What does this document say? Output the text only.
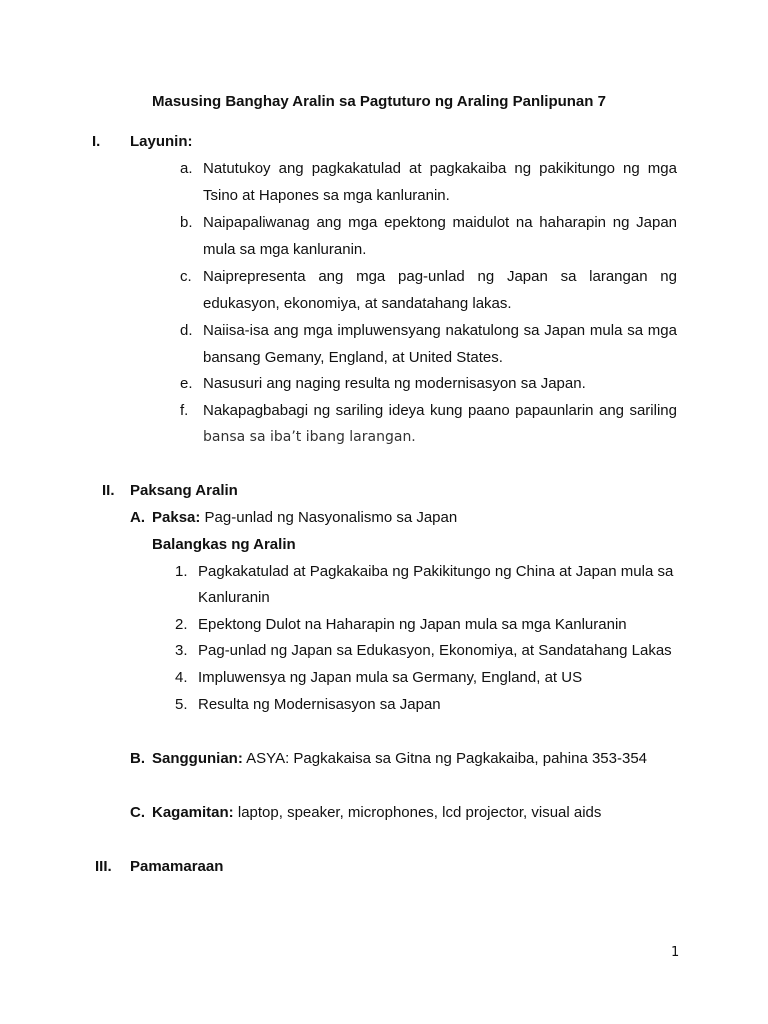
Masusing Banghay Aralin sa Pagtuturo ng Araling Panlipunan 7
I. Layunin:
a. Natutukoy ang pagkakatulad at pagkakaiba ng pakikitungo ng mga
Tsino at Hapones sa mga kanluranin.
b. Naipapaliwanag ang mga epektong maidulot na haharapin ng Japan
mula sa mga kanluranin.
c. Naiprepresenta ang mga pag-unlad ng Japan sa larangan ng
edukasyon, ekonomiya, at sandatahang lakas.
d. Naiisa-isa ang mga impluwensyang nakatulong sa Japan mula sa mga
bansang Gemany, England, at United States.
e. Nasusuri ang naging resulta ng modernisasyon sa Japan.
f. Nakapagbabagi ng sariling ideya kung paano papaunlarin ang sariling
bansa sa iba’t ibang larangan.
II. Paksang Aralin
A. Paksa: Pag-unlad ng Nasyonalismo sa Japan
Balangkas ng Aralin
1. Pagkakatulad at Pagkakaiba ng Pakikitungo ng China at Japan mula sa
Kanluranin
2. Epektong Dulot na Haharapin ng Japan mula sa mga Kanluranin
3. Pag-unlad ng Japan sa Edukasyon, Ekonomiya, at Sandatahang Lakas
4. Impluwensya ng Japan mula sa Germany, England, at US
5. Resulta ng Modernisasyon sa Japan
B. Sanggunian: ASYA: Pagkakaisa sa Gitna ng Pagkakaiba, pahina 353-354
C. Kagamitan: laptop, speaker, microphones, lcd projector, visual aids
III. Pamamaraan
1
